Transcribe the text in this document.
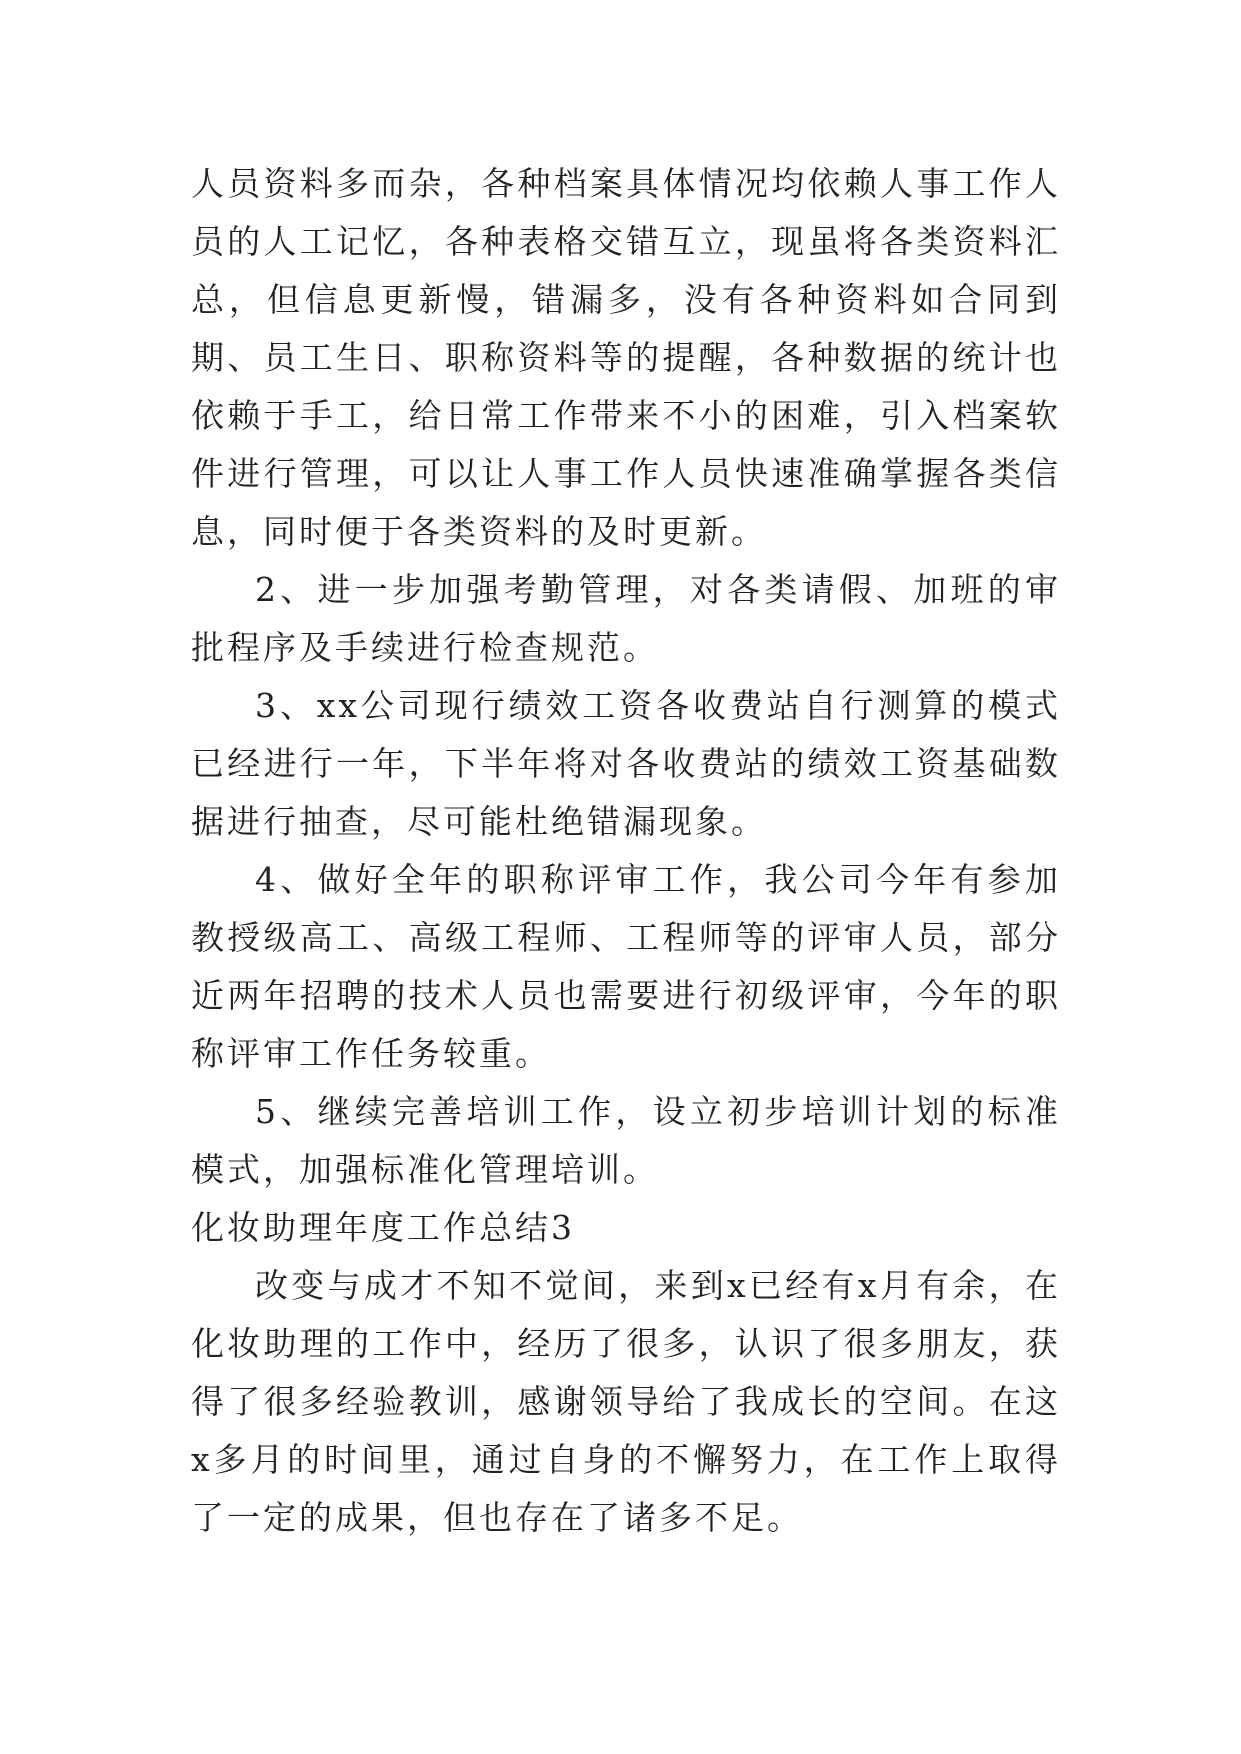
人员资料多而杂，各种档案具体情况均依赖人事工作人员的人工记忆，各种表格交错互立，现虽将各类资料汇总，但信息更新慢，错漏多，没有各种资料如合同到期、员工生日、职称资料等的提醒，各种数据的统计也依赖于手工，给日常工作带来不小的困难，引入档案软件进行管理，可以让人事工作人员快速准确掌握各类信息，同时便于各类资料的及时更新。

2、进一步加强考勤管理，对各类请假、加班的审批程序及手续进行检查规范。

3、xx公司现行绩效工资各收费站自行测算的模式已经进行一年，下半年将对各收费站的绩效工资基础数据进行抽查，尽可能杜绝错漏现象。

4、做好全年的职称评审工作，我公司今年有参加教授级高工、高级工程师、工程师等的评审人员，部分近两年招聘的技术人员也需要进行初级评审，今年的职称评审工作任务较重。

5、继续完善培训工作，设立初步培训计划的标准模式，加强标准化管理培训。

化妆助理年度工作总结3

改变与成才不知不觉间，来到x已经有x月有余，在化妆助理的工作中，经历了很多，认识了很多朋友，获得了很多经验教训，感谢领导给了我成长的空间。在这x多月的时间里，通过自身的不懈努力，在工作上取得了一定的成果，但也存在了诸多不足。
